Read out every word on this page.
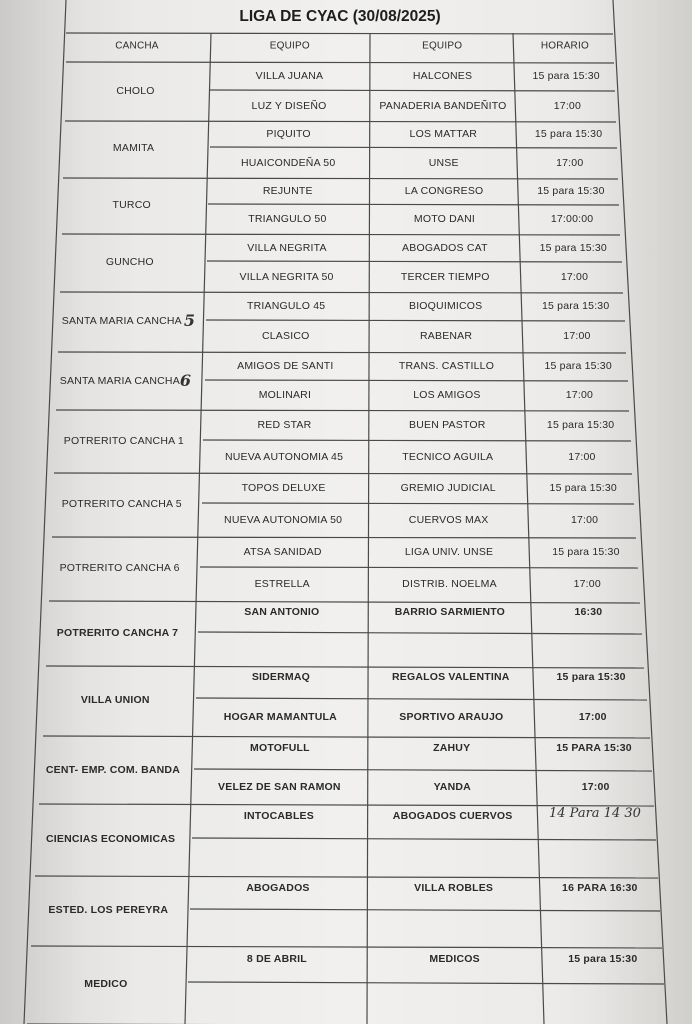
LIGA DE CYAC (30/08/2025)
CANCHA	EQUIPO	EQUIPO	HORARIO
CHOLO
VILLA JUANA	HALCONES	15 para 15:30
LUZ Y DISEÑO	PANADERIA BANDEÑITO	17:00
MAMITA
PIQUITO	LOS MATTAR	15 para 15:30
HUAICONDEÑA 50	UNSE	17:00
TURCO
REJUNTE	LA CONGRESO	15 para 15:30
TRIANGULO 50	MOTO DANI	17:00:00
GUNCHO
VILLA NEGRITA	ABOGADOS CAT	15 para 15:30
VILLA NEGRITA 50	TERCER TIEMPO	17:00
SANTA MARIA CANCHA 5
TRIANGULO 45	BIOQUIMICOS	15 para 15:30
CLASICO	RABENAR	17:00
SANTA MARIA CANCHA 6
AMIGOS DE SANTI	TRANS. CASTILLO	15 para 15:30
MOLINARI	LOS AMIGOS	17:00
POTRERITO CANCHA 1
RED STAR	BUEN PASTOR	15 para 15:30
NUEVA AUTONOMIA 45	TECNICO AGUILA	17:00
POTRERITO CANCHA 5
TOPOS DELUXE	GREMIO JUDICIAL	15 para 15:30
NUEVA AUTONOMIA 50	CUERVOS MAX	17:00
POTRERITO CANCHA 6
ATSA SANIDAD	LIGA UNIV. UNSE	15 para 15:30
ESTRELLA	DISTRIB. NOELMA	17:00
POTRERITO CANCHA 7
SAN ANTONIO	BARRIO SARMIENTO	16:30
VILLA UNION
SIDERMAQ	REGALOS VALENTINA	15 para 15:30
HOGAR MAMANTULA	SPORTIVO ARAUJO	17:00
CENT- EMP. COM. BANDA
MOTOFULL	ZAHUY	15 PARA 15:30
VELEZ DE SAN RAMON	YANDA	17:00
CIENCIAS ECONOMICAS
INTOCABLES	ABOGADOS CUERVOS	14 Para 14 30
ESTED. LOS PEREYRA
ABOGADOS	VILLA ROBLES	16 PARA 16:30
MEDICO
8 DE ABRIL	MEDICOS	15 para 15:30
